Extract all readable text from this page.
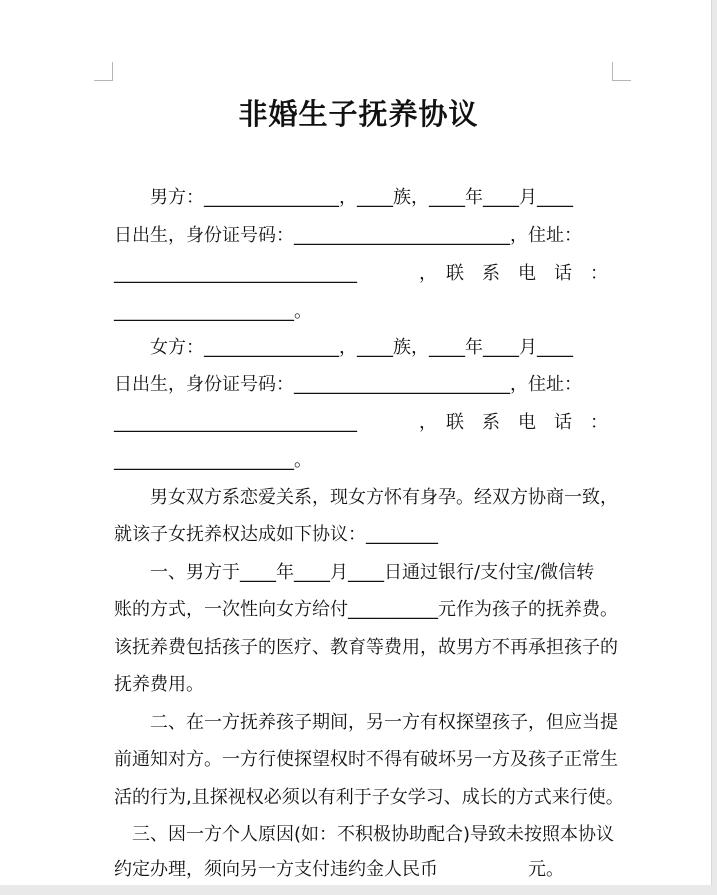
非婚生子抚养协议
男方：_______________，____族，____年____月____
日出生，身份证号码：________________________，住址：
___________________________	，　联　系　电　话　：
____________________。
女方：_______________，____族，____年____月____
日出生，身份证号码：________________________，住址：
___________________________	，　联　系　电　话　：
____________________。
男女双方系恋爱关系，现女方怀有身孕。经双方协商一致，
就该子女抚养权达成如下协议：________
一、男方于____年____月____日通过银行/支付宝/微信转
账的方式，一次性向女方给付__________元作为孩子的抚养费。
该抚养费包括孩子的医疗、教育等费用，故男方不再承担孩子的
抚养费用。
二、在一方抚养孩子期间，另一方有权探望孩子，但应当提
前通知对方。一方行使探望权时不得有破坏另一方及孩子正常生
活的行为,且探视权必须以有利于子女学习、成长的方式来行使。
三、因一方个人原因(如：不积极协助配合)导致未按照本协议
约定办理，须向另一方支付违约金人民币　　　　　元。
